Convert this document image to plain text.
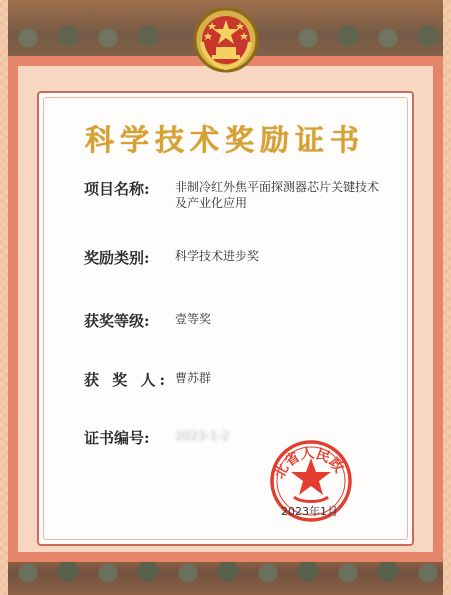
科学技术奖励证书
项目名称: 非制冷红外焦平面探测器芯片关键技术及产业化应用
奖励类别: 科学技术进步奖
获奖等级: 壹等奖
获 奖 人: 曹苏群
证书编号: 2023-1-2
北省人民政
2023年1月
